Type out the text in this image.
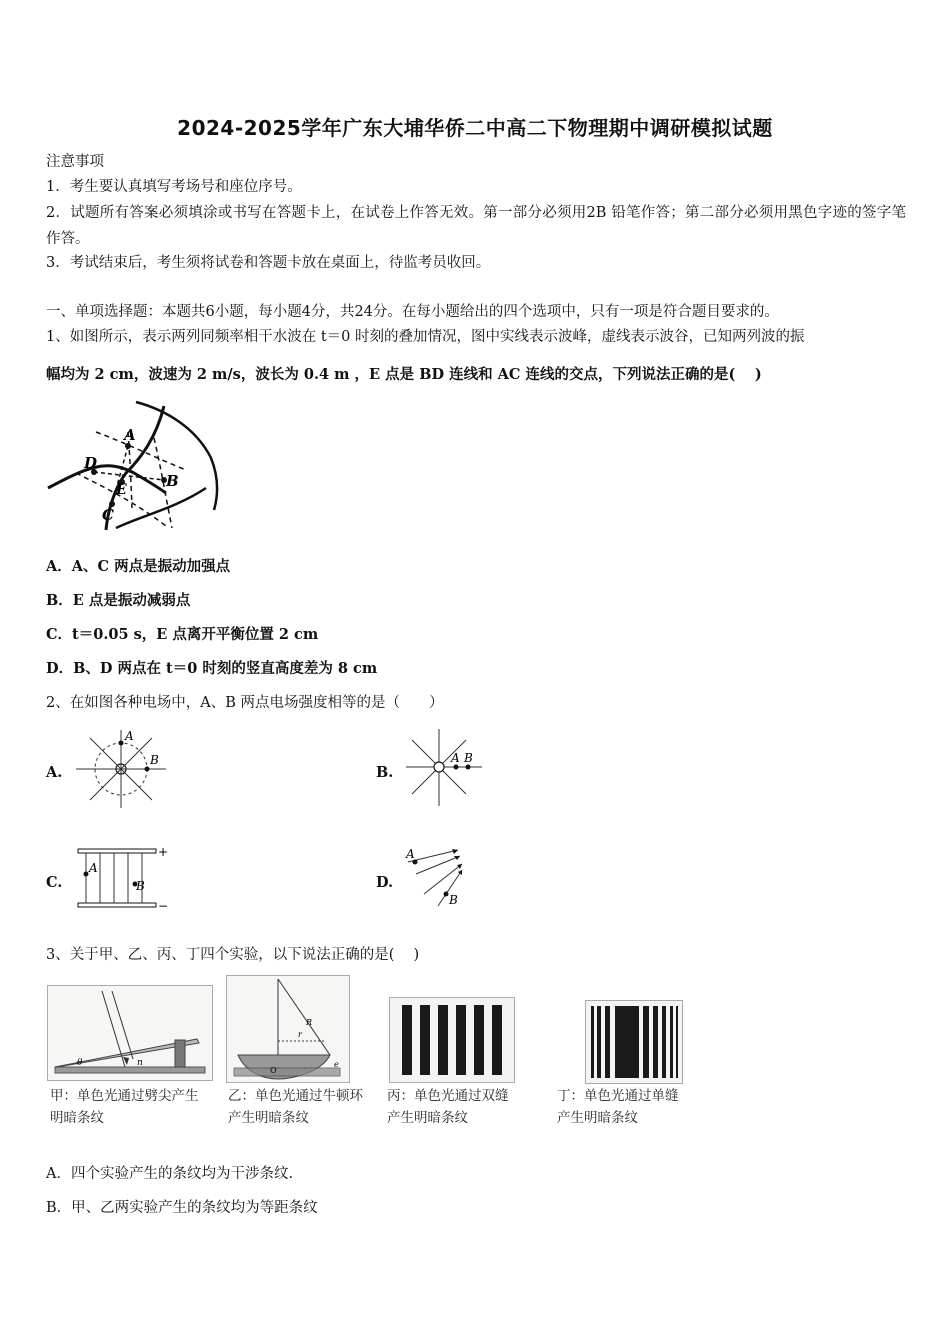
2024-2025学年广东大埔华侨二中高二下物理期中调研模拟试题
注意事项
1．考生要认真填写考场号和座位序号。
2．试题所有答案必须填涂或书写在答题卡上，在试卷上作答无效。第一部分必须用2B 铅笔作答；第二部分必须用黑色字迹的签字笔作答。
3．考试结束后，考生须将试卷和答题卡放在桌面上，待监考员收回。
一、单项选择题：本题共6小题，每小题4分，共24分。在每小题给出的四个选项中，只有一项是符合题目要求的。
1、如图所示，表示两列同频率相干水波在 t＝0 时刻的叠加情况，图中实线表示波峰，虚线表示波谷，已知两列波的振
幅均为 2 cm，波速为 2 m/s，波长为 0.4 m ，E 点是 BD 连线和 AC 连线的交点，下列说法正确的是(　 )
A
B
C
D
E
A．A、C 两点是振动加强点
B．E 点是振动减弱点
C．t＝0.05 s，E 点离开平衡位置 2 cm
D．B、D 两点在 t＝0 时刻的竖直高度差为 8 cm
2、在如图各种电场中，A、B 两点电场强度相等的是（　　）
A.
A
B
B.
A B
C.
A
B
+
−
D.
A
B
3、关于甲、乙、丙、丁四个实验，以下说法正确的是(　 )
θ	n
甲：单色光通过劈尖产生
明暗条纹
R
r
O
e
乙：单色光通过牛顿环
产生明暗条纹
丙：单色光通过双缝
产生明暗条纹
丁：单色光通过单缝
产生明暗条纹
A．四个实验产生的条纹均为干涉条纹.
B．甲、乙两实验产生的条纹均为等距条纹
